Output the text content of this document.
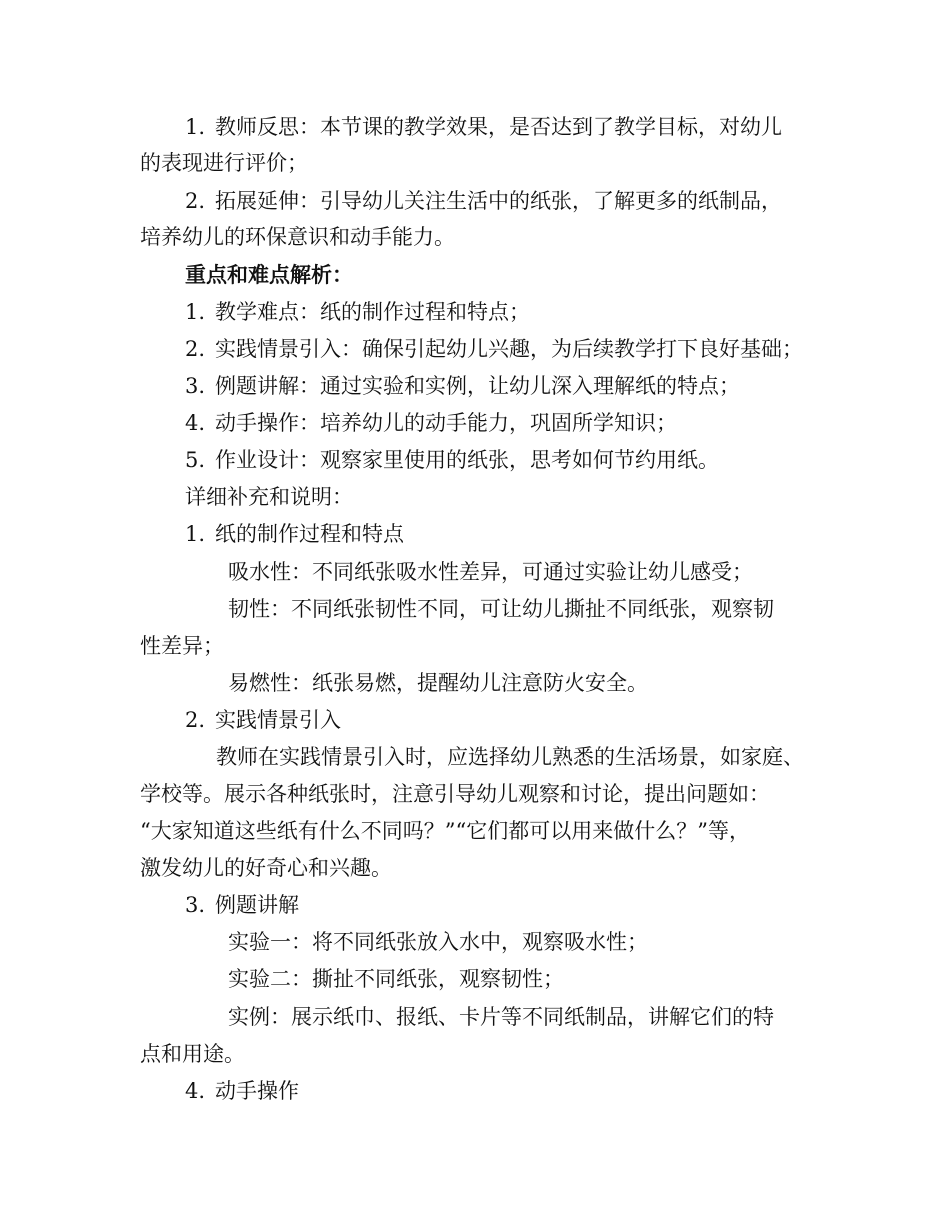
1. 教师反思：本节课的教学效果，是否达到了教学目标，对幼儿
的表现进行评价；
2. 拓展延伸：引导幼儿关注生活中的纸张，了解更多的纸制品，
培养幼儿的环保意识和动手能力。
重点和难点解析：
1. 教学难点：纸的制作过程和特点；
2. 实践情景引入：确保引起幼儿兴趣，为后续教学打下良好基础；
3. 例题讲解：通过实验和实例，让幼儿深入理解纸的特点；
4. 动手操作：培养幼儿的动手能力，巩固所学知识；
5. 作业设计：观察家里使用的纸张，思考如何节约用纸。
详细补充和说明：
1. 纸的制作过程和特点
吸水性：不同纸张吸水性差异，可通过实验让幼儿感受；
韧性：不同纸张韧性不同，可让幼儿撕扯不同纸张，观察韧
性差异；
易燃性：纸张易燃，提醒幼儿注意防火安全。
2. 实践情景引入
教师在实践情景引入时，应选择幼儿熟悉的生活场景，如家庭、
学校等。展示各种纸张时，注意引导幼儿观察和讨论，提出问题如：
“大家知道这些纸有什么不同吗？”“它们都可以用来做什么？”等，
激发幼儿的好奇心和兴趣。
3. 例题讲解
实验一：将不同纸张放入水中，观察吸水性；
实验二：撕扯不同纸张，观察韧性；
实例：展示纸巾、报纸、卡片等不同纸制品，讲解它们的特
点和用途。
4. 动手操作
